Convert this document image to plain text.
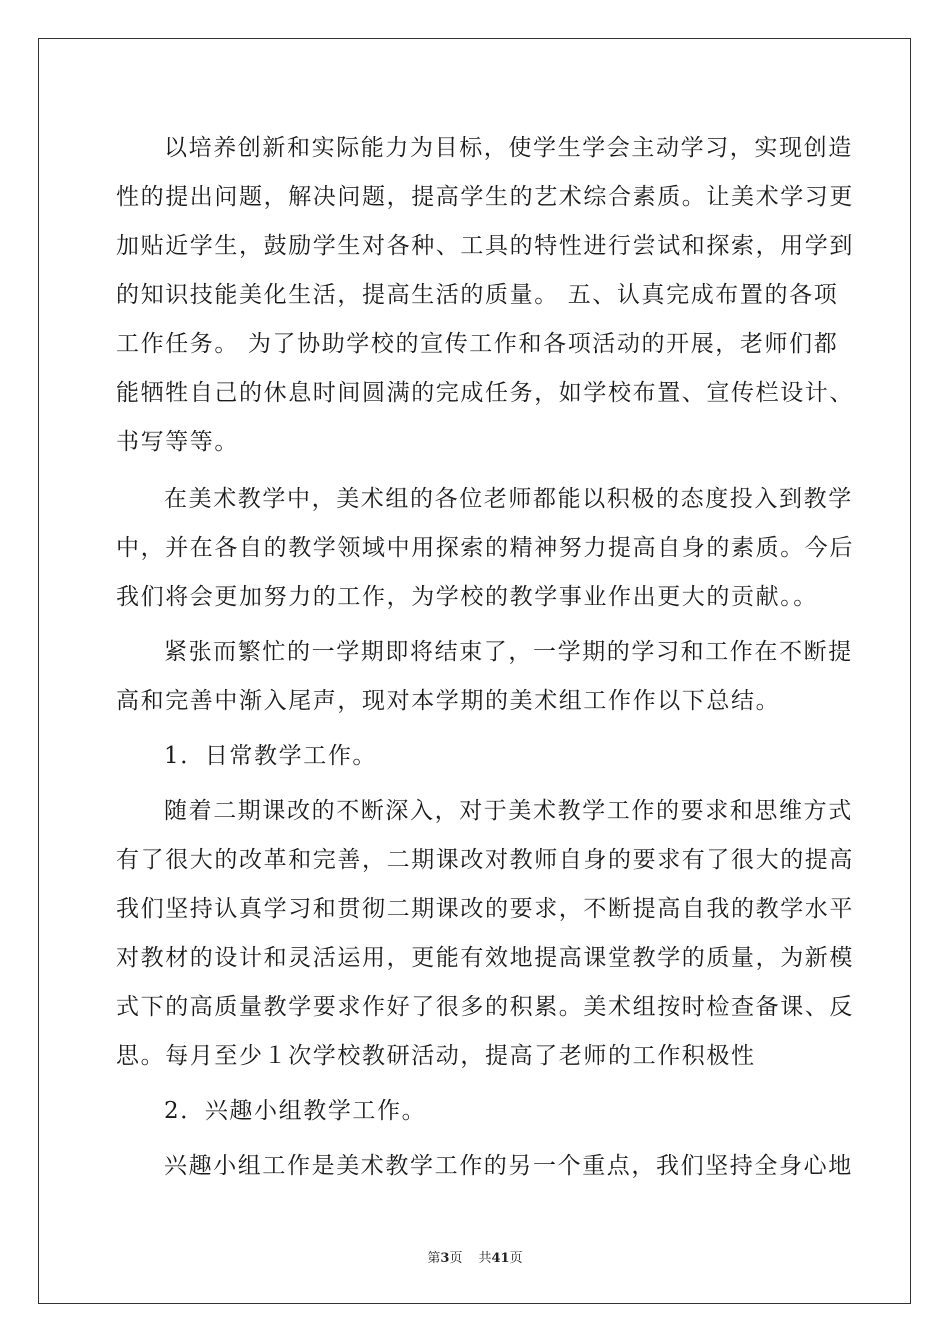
以培养创新和实际能力为目标，使学生学会主动学习，实现创造
性的提出问题，解决问题，提高学生的艺术综合素质。让美术学习更
加贴近学生，鼓励学生对各种、工具的特性进行尝试和探索，用学到
的知识技能美化生活，提高生活的质量。 五、认真完成布置的各项
工作任务。 为了协助学校的宣传工作和各项活动的开展，老师们都
能牺牲自己的休息时间圆满的完成任务，如学校布置、宣传栏设计、
书写等等。
在美术教学中，美术组的各位老师都能以积极的态度投入到教学
中，并在各自的教学领域中用探索的精神努力提高自身的素质。今后
我们将会更加努力的工作，为学校的教学事业作出更大的贡献。。
紧张而繁忙的一学期即将结束了，一学期的学习和工作在不断提
高和完善中渐入尾声，现对本学期的美术组工作作以下总结。
1．日常教学工作。
随着二期课改的不断深入，对于美术教学工作的要求和思维方式
有了很大的改革和完善，二期课改对教师自身的要求有了很大的提高
我们坚持认真学习和贯彻二期课改的要求，不断提高自我的教学水平
对教材的设计和灵活运用，更能有效地提高课堂教学的质量，为新模
式下的高质量教学要求作好了很多的积累。美术组按时检查备课、反
思。每月至少１次学校教研活动，提高了老师的工作积极性
2．兴趣小组教学工作。
兴趣小组工作是美术教学工作的另一个重点，我们坚持全身心地
第3页 共41页
